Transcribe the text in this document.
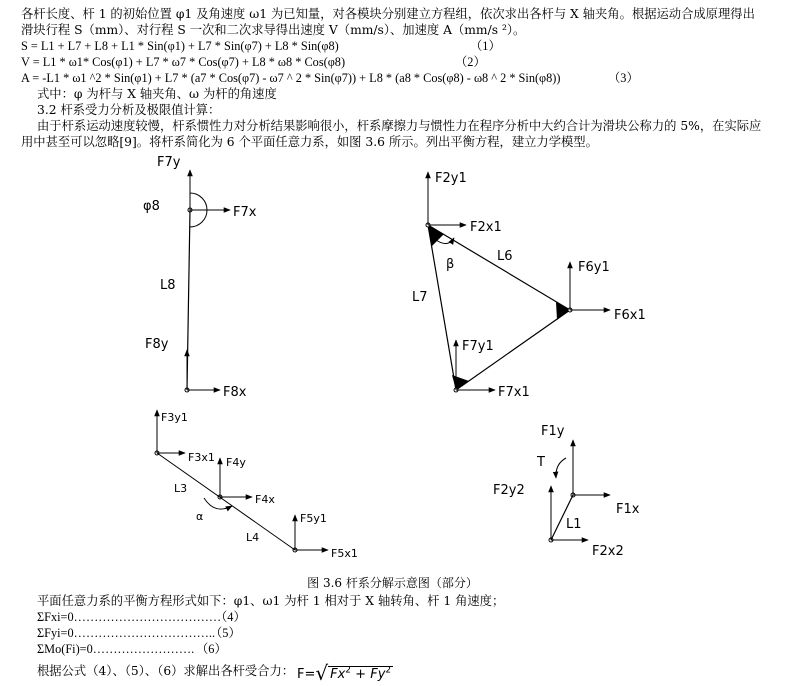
各杆长度、杆 1 的初始位置 φ1 及角速度 ω1 为已知量，对各模块分别建立方程组，依次求出各杆与 X 轴夹角。根据运动合成原理得出
滑块行程 S（mm）、对行程 S 一次和二次求导得出速度 V（mm/s）、加速度 A（mm/s ²）。
S = L1 + L7 + L8 + L1 * Sin(φ1) + L7 * Sin(φ7) + L8 * Sin(φ8)	（1）
V = L1 * ω1* Cos(φ1) + L7 * ω7 * Cos(φ7) + L8 * ω8 * Cos(φ8)	（2）
A = -L1 * ω1 ^2 * Sin(φ1) + L7 * (a7 * Cos(φ7) - ω7 ^ 2 * Sin(φ7)) + L8 * (a8 * Cos(φ8) - ω8 ^ 2 * Sin(φ8))	（3）
式中：φ 为杆与 X 轴夹角、ω 为杆的角速度
3.2 杆系受力分析及极限值计算：
由于杆系运动速度较慢，杆系惯性力对分析结果影响很小，杆系摩擦力与惯性力在程序分析中大约合计为滑块公称力的 5%，在实际应
用中甚至可以忽略[9]。将杆系简化为 6 个平面任意力系，如图 3.6 所示。列出平衡方程，建立力学模型。
F7y
φ8	F7x
L8
F8y
F8x
F2y1
F2x1
β
L6
F6y1
F6x1
L7
F7y1
F7x1
F3y1
F3x1 F4y
L3
F4x
α	F5y1
L4
F5x1
F1y
T
F2y2
F1x
L1
F2x2
图 3.6 杆系分解示意图（部分）
平面任意力系的平衡方程形式如下：φ1、ω1 为杆 1 相对于 X 轴转角、杆 1 角速度；
ΣFxi=0………………………………
（4）
ΣFyi=0……………………………..
（5）
ΣMo(Fi)=0……………………. （6）
根据公式（4）、（5）、（6）求解出各杆受合力： F=√ $Fx^2 + Fy^2$
